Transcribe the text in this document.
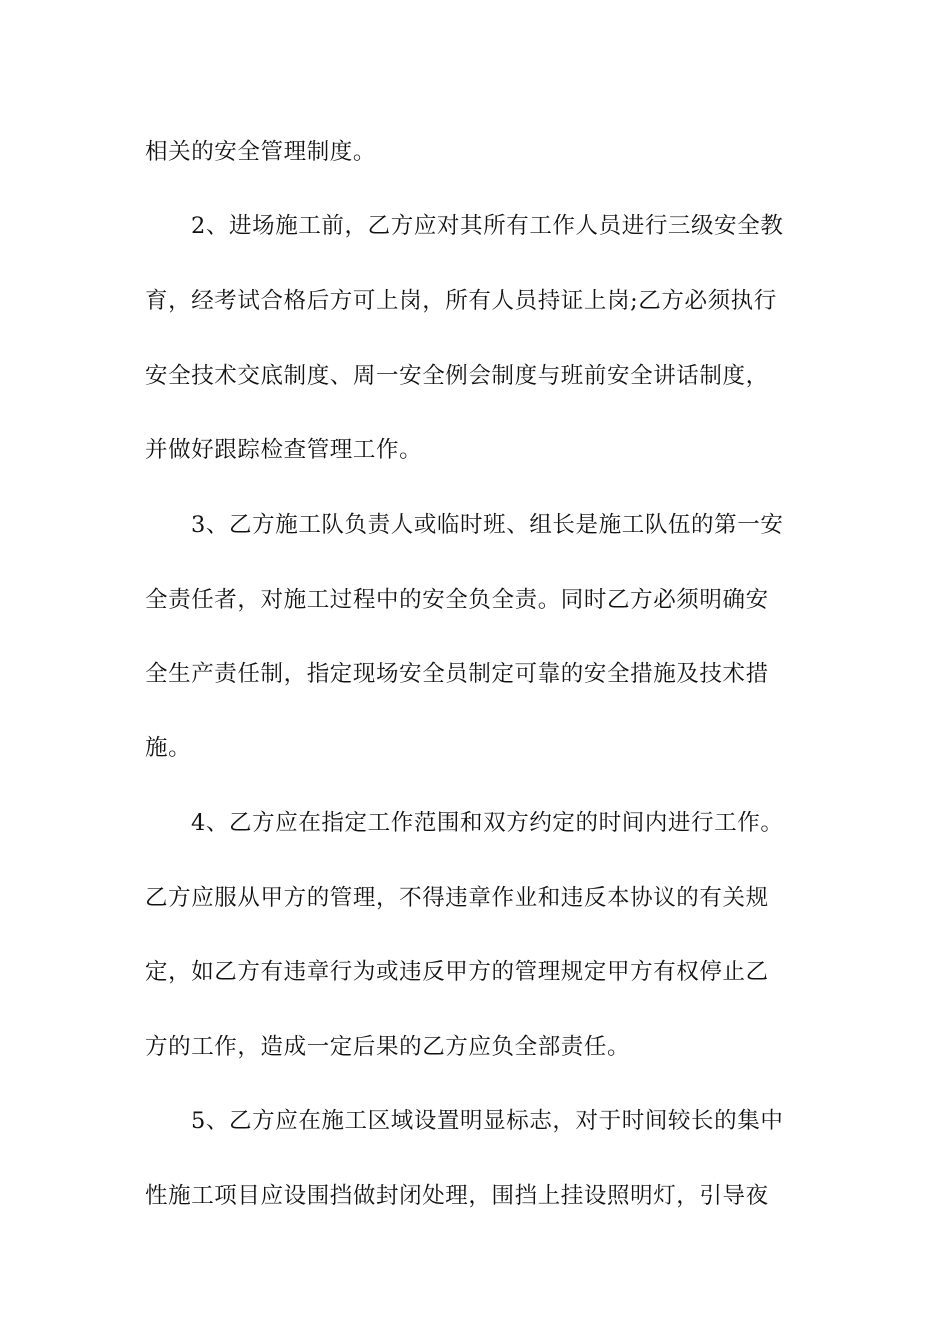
相关的安全管理制度。

2、进场施工前，乙方应对其所有工作人员进行三级安全教

育，经考试合格后方可上岗，所有人员持证上岗;乙方必须执行

安全技术交底制度、周一安全例会制度与班前安全讲话制度，

并做好跟踪检查管理工作。

3、乙方施工队负责人或临时班、组长是施工队伍的第一安

全责任者，对施工过程中的安全负全责。同时乙方必须明确安

全生产责任制，指定现场安全员制定可靠的安全措施及技术措

施。

4、乙方应在指定工作范围和双方约定的时间内进行工作。

乙方应服从甲方的管理，不得违章作业和违反本协议的有关规

定，如乙方有违章行为或违反甲方的管理规定甲方有权停止乙

方的工作，造成一定后果的乙方应负全部责任。

5、乙方应在施工区域设置明显标志，对于时间较长的集中

性施工项目应设围挡做封闭处理，围挡上挂设照明灯，引导夜
